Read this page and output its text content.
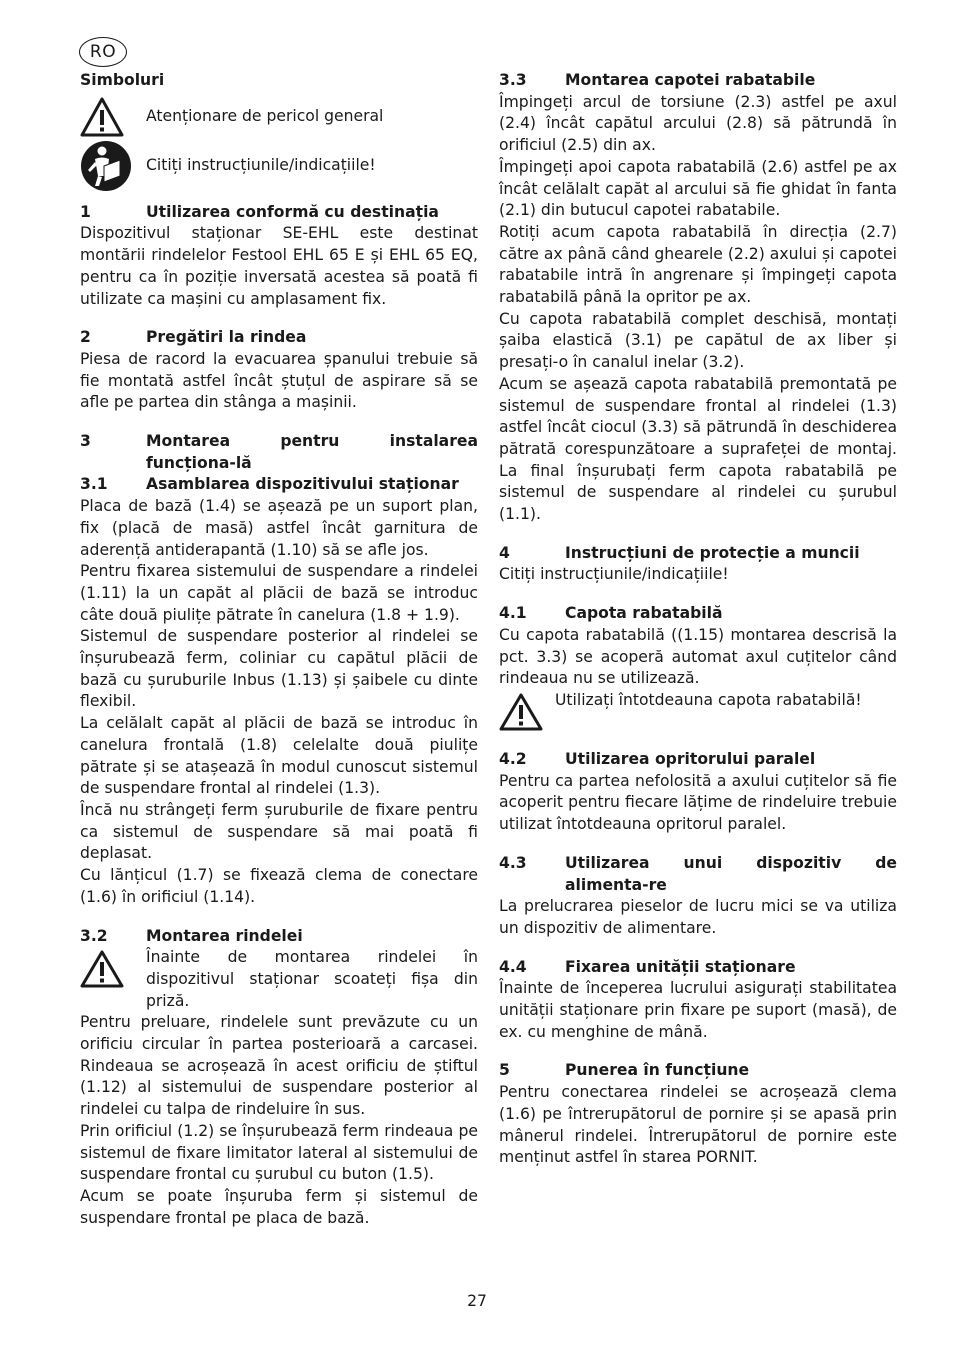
RO

Simboluri

Atenționare de pericol general
Citiți instrucțiunile/indicațiile!
1	Utilizarea conformă cu destinația

Dispozitivul staționar SE-EHL este destinat montării rindelelor Festool EHL 65 E și EHL 65 EQ, pentru ca în poziție inversată acestea să poată fi utilizate ca mașini cu amplasament fix.

2	Pregătiri la rindea

Piesa de racord la evacuarea șpanului trebuie să fie montată astfel încât ștuțul de aspirare să se afle pe partea din stânga a mașinii.

3	Montarea pentru instalarea funcționa-lă
3.1	Asamblarea dispozitivului staționar

Placa de bază (1.4) se așează pe un suport plan, fix (placă de masă) astfel încât garnitura de aderență antiderapantă (1.10) să se afle jos.

Pentru fixarea sistemului de suspendare a rindelei (1.11) la un capăt al plăcii de bază se introduc câte două piulițe pătrate în canelura (1.8 + 1.9).

Sistemul de suspendare posterior al rindelei se înșurubează ferm, coliniar cu capătul plăcii de bază cu șuruburile Inbus (1.13) și șaibele cu dinte flexibil.

La celălalt capăt al plăcii de bază se introduc în canelura frontală (1.8) celelalte două piulițe pătrate și se atașează în modul cunoscut sistemul de suspendare frontal al rindelei (1.3).

Încă nu strângeți ferm șuruburile de fixare pentru ca sistemul de suspendare să mai poată fi deplasat.

Cu lănțicul (1.7) se fixează clema de conectare (1.6) în orificiul (1.14).

3.2	Montarea rindelei

Înainte de montarea rindelei în dispozitivul staționar scoateți fișa din priză.

Pentru preluare, rindelele sunt prevăzute cu un orificiu circular în partea posterioară a carcasei. Rindeaua se acroșează în acest orificiu de știftul (1.12) al sistemului de suspendare posterior al rindelei cu talpa de rindeluire în sus.

Prin orificiul (1.2) se înșurubează ferm rindeaua pe sistemul de fixare limitator lateral al sistemului de suspendare frontal cu șurubul cu buton (1.5).

Acum se poate înșuruba ferm și sistemul de suspendare frontal pe placa de bază.

3.3	Montarea capotei rabatabile

Împingeți arcul de torsiune (2.3) astfel pe axul (2.4) încât capătul arcului (2.8) să pătrundă în orificiul (2.5) din ax.

Împingeți apoi capota rabatabilă (2.6) astfel pe ax încât celălalt capăt al arcului să fie ghidat în fanta (2.1) din butucul capotei rabatabile.

Rotiți acum capota rabatabilă în direcția (2.7) către ax până când ghearele (2.2) axului și capotei rabatabile intră în angrenare și împingeți capota rabatabilă până la opritor pe ax.

Cu capota rabatabilă complet deschisă, montați șaiba elastică (3.1) pe capătul de ax liber și presați-o în canalul inelar (3.2).

Acum se așează capota rabatabilă premontată pe sistemul de suspendare frontal al rindelei (1.3) astfel încât ciocul (3.3) să pătrundă în deschiderea pătrată corespunzătoare a suprafeței de montaj. La final înșurubați ferm capota rabatabilă pe sistemul de suspendare al rindelei cu șurubul (1.1).

4	Instrucțiuni de protecție a muncii

Citiți instrucțiunile/indicațiile!

4.1	Capota rabatabilă

Cu capota rabatabilă ((1.15) montarea descrisă la pct. 3.3) se acoperă automat axul cuțitelor când rindeaua nu se utilizează.

Utilizați întotdeauna capota rabatabilă!

4.2	Utilizarea opritorului paralel

Pentru ca partea nefolosită a axului cuțitelor să fie acoperit pentru fiecare lățime de rindeluire trebuie utilizat întotdeauna opritorul paralel.

4.3	Utilizarea unui dispozitiv de alimenta-re

La prelucrarea pieselor de lucru mici se va utiliza un dispozitiv de alimentare.

4.4	Fixarea unității staționare

Înainte de începerea lucrului asigurați stabilitatea unității staționare prin fixare pe suport (masă), de ex. cu menghine de mână.

5	Punerea în funcțiune

Pentru conectarea rindelei se acroșează clema (1.6) pe întrerupătorul de pornire și se apasă prin mânerul rindelei. Întrerupătorul de pornire este menținut astfel în starea PORNIT.

27
